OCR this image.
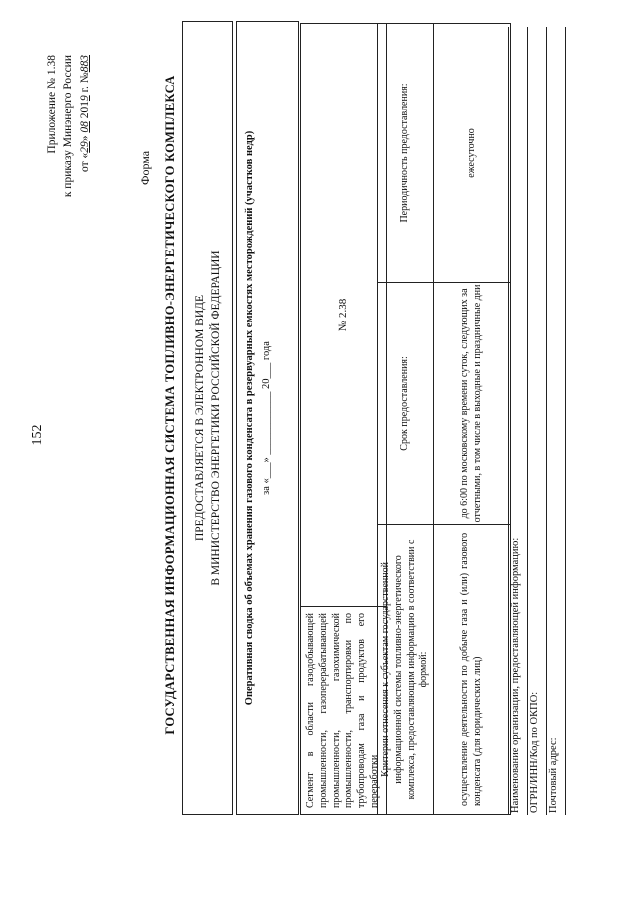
152
Приложение № 1.38 к приказу Минэнерго России от «29» 08 2019 г. №883
Форма ГОСУДАРСТВЕННАЯ ИНФОРМАЦИОННАЯ СИСТЕМА ТОПЛИВНО-ЭНЕРГЕТИЧЕСКОГО КОМПЛЕКСА ПРЕДОСТАВЛЯЕТСЯ В ЭЛЕКТРОННОМ ВИДЕ В МИНИСТЕРСТВО ЭНЕРГЕТИКИ РОССИЙСКОЙ ФЕДЕРАЦИИ Оперативная сводка об объемах хранения газового конденсата в резервуарных емкостях месторождений (участков недр) за «___» ____________ 20___ года
Сегмент в области газодобывающей промышленности, газоперерабатывающей промышленности, газохимической промышленности, транспортировки по трубопроводам газа и продуктов его переработки	№ 2.38
Критерии отнесения к субъектам государственной информационной системы топливно-энергетического комплекса, предоставляющим информацию в соответствии с формой:	Срок предоставления:	Периодичность предоставления:
осуществление деятельности по добыче газа и (или) газового конденсата (для юридических лиц)	до 6:00 по московскому времени суток, следующих за отчетными, в том числе в выходные и праздничные дни	ежесуточно
Наименование организации, предоставляющей информацию: ОГРН/ИНН/Код по ОКПО: Почтовый адрес:
